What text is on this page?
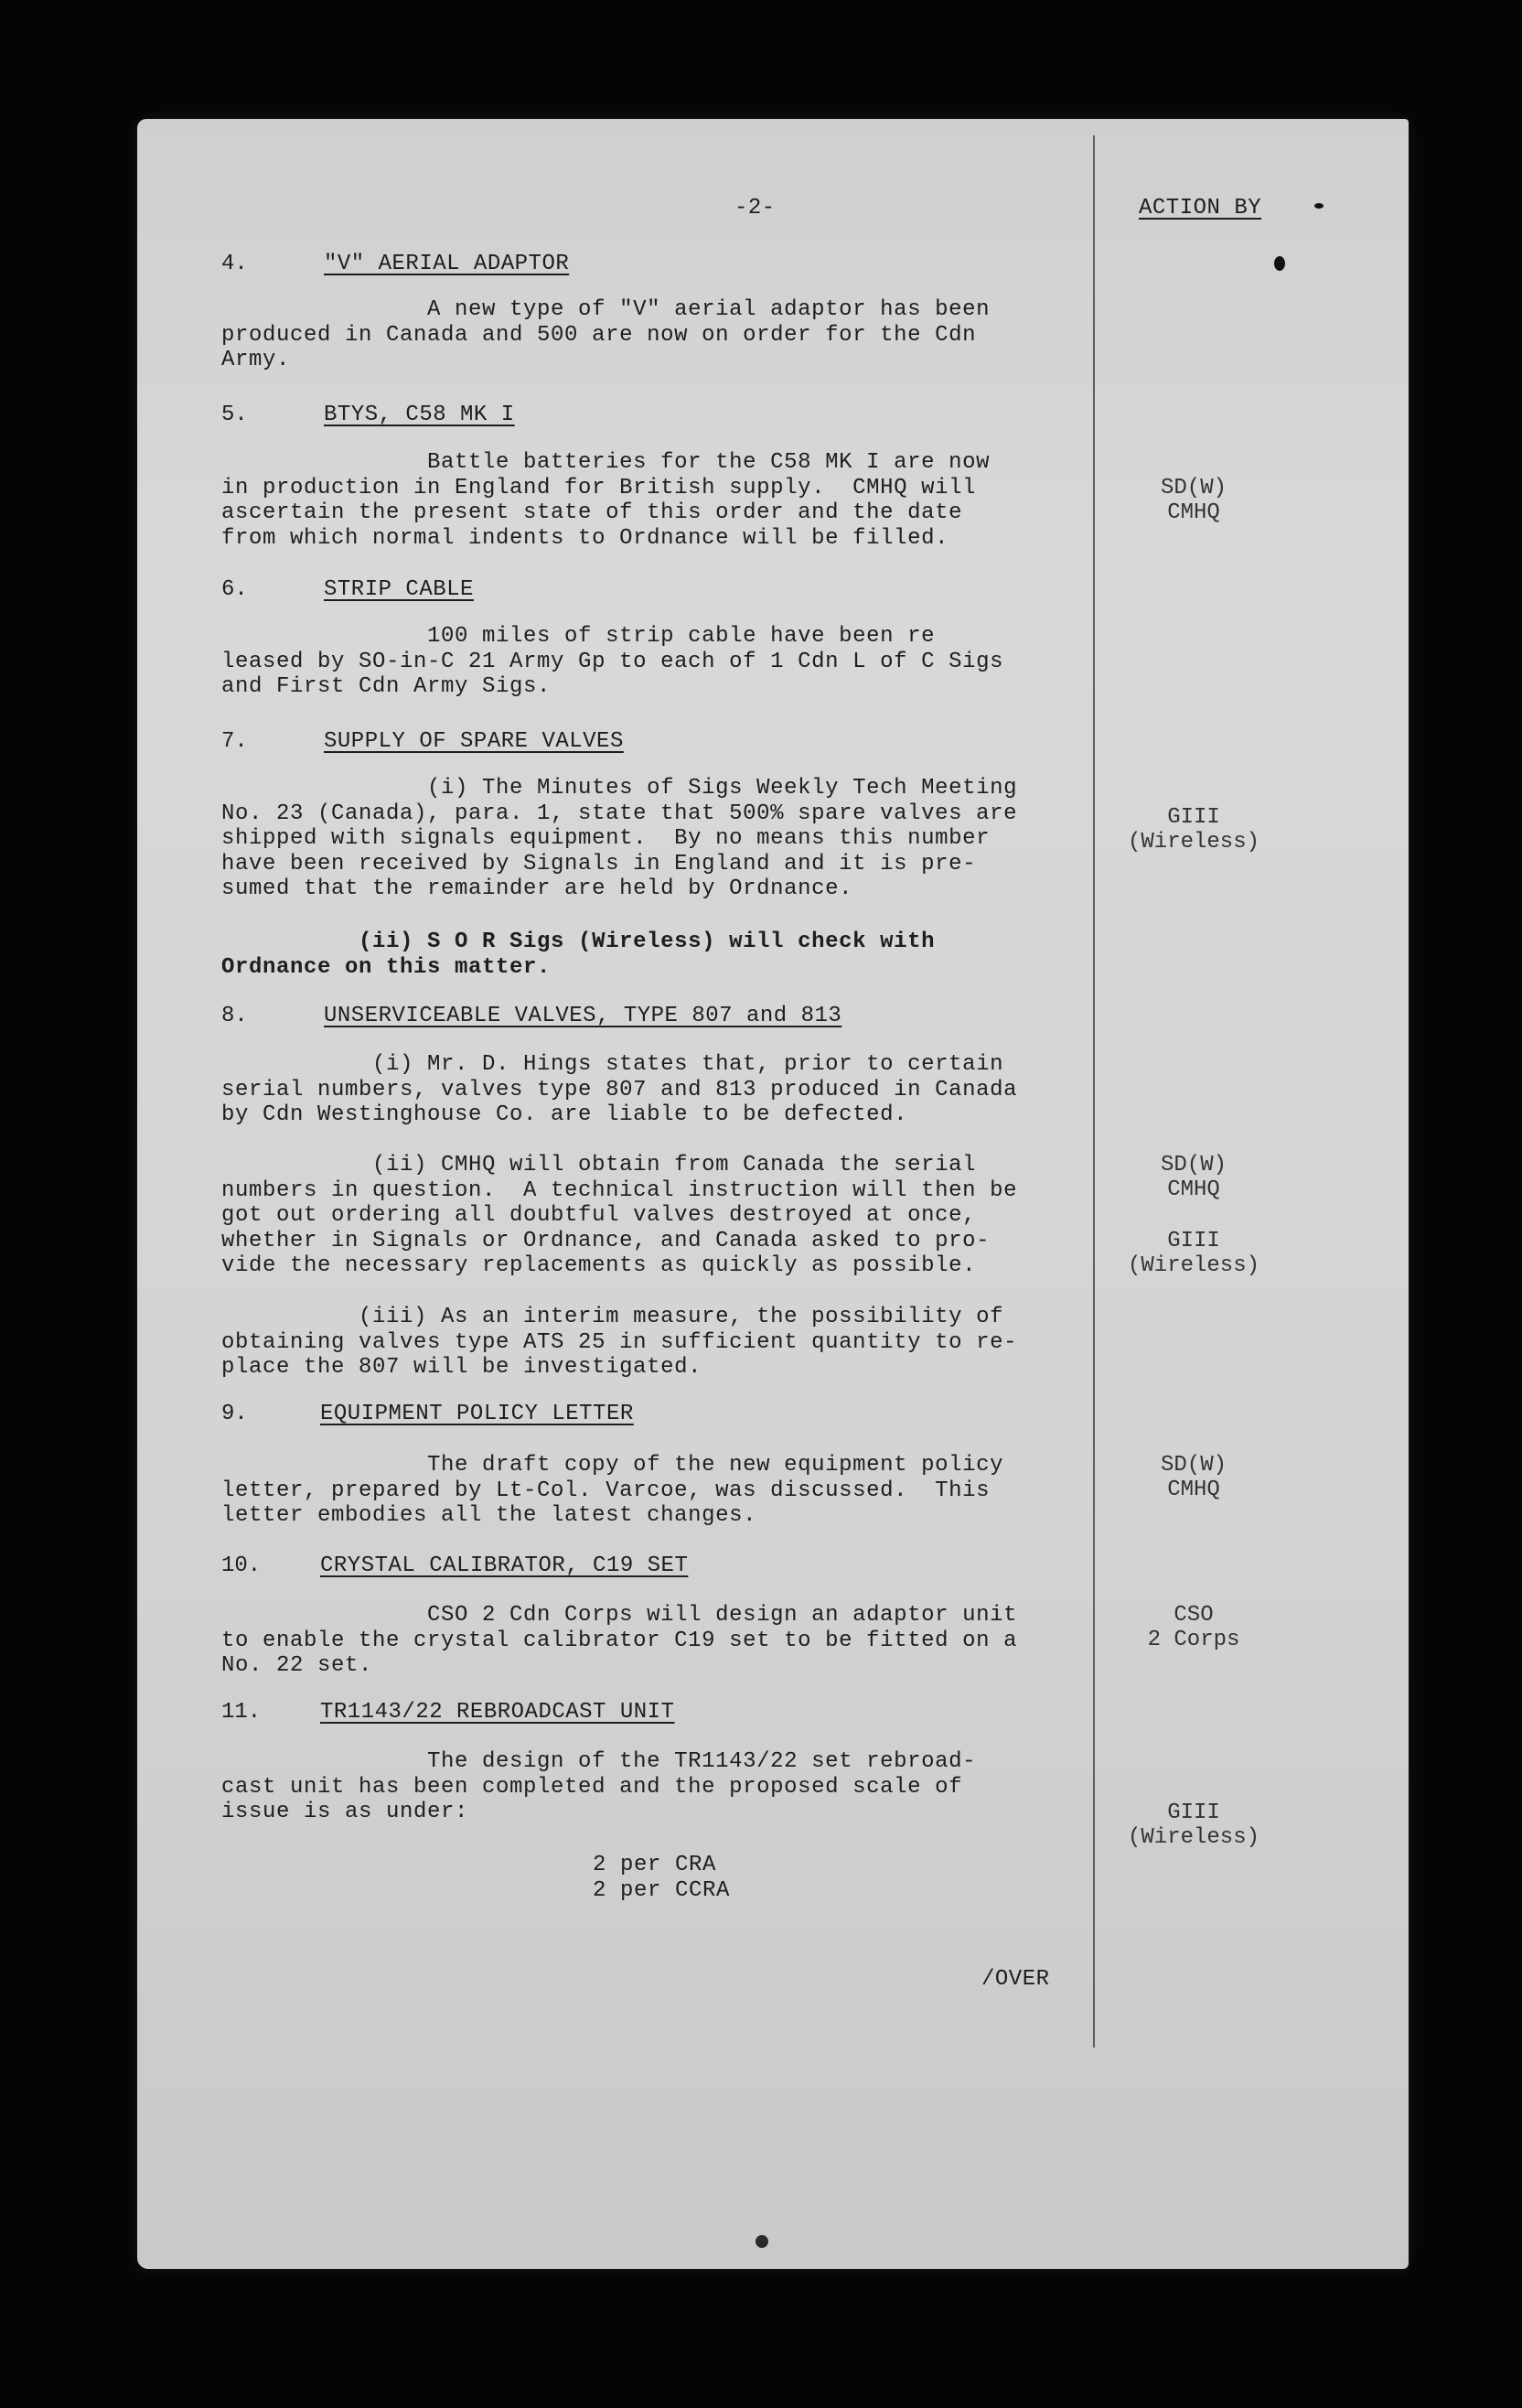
-2-	ACTION BY
4.	"V" AERIAL ADAPTOR
A new type of "V" aerial adaptor has been
produced in Canada and 500 are now on order for the Cdn
Army.
5.	BTYS, C58 MK I
Battle batteries for the C58 MK I are now
in production in England for British supply.  CMHQ will
ascertain the present state of this order and the date
from which normal indents to Ordnance will be filled.
SD(W)
CMHQ
6.	STRIP CABLE
100 miles of strip cable have been re
leased by SO-in-C 21 Army Gp to each of 1 Cdn L of C Sigs
and First Cdn Army Sigs.
7.	SUPPLY OF SPARE VALVES
(i) The Minutes of Sigs Weekly Tech Meeting
No. 23 (Canada), para. 1, state that 500% spare valves are
shipped with signals equipment.  By no means this number
have been received by Signals in England and it is pre-
sumed that the remainder are held by Ordnance.
(ii) S O R Sigs (Wireless) will check with
Ordnance on this matter.
GIII
(Wireless)
8.	UNSERVICEABLE VALVES, TYPE 807 and 813
(i) Mr. D. Hings states that, prior to certain
serial numbers, valves type 807 and 813 produced in Canada
by Cdn Westinghouse Co. are liable to be defected.
(ii) CMHQ will obtain from Canada the serial
numbers in question.  A technical instruction will then be
got out ordering all doubtful valves destroyed at once,
whether in Signals or Ordnance, and Canada asked to pro-
vide the necessary replacements as quickly as possible.
(iii) As an interim measure, the possibility of
obtaining valves type ATS 25 in sufficient quantity to re-
place the 807 will be investigated.
SD(W)
CMHQ
GIII
(Wireless)
9.	EQUIPMENT POLICY LETTER
The draft copy of the new equipment policy
letter, prepared by Lt-Col. Varcoe, was discussed.  This
letter embodies all the latest changes.
SD(W)
CMHQ
10.	CRYSTAL CALIBRATOR, C19 SET
CSO 2 Cdn Corps will design an adaptor unit
to enable the crystal calibrator C19 set to be fitted on a
No. 22 set.
CSO
2 Corps
11.	TR1143/22 REBROADCAST UNIT
The design of the TR1143/22 set rebroad-
cast unit has been completed and the proposed scale of
issue is as under:
2 per CRA
2 per CCRA
GIII
(Wireless)
/OVER
